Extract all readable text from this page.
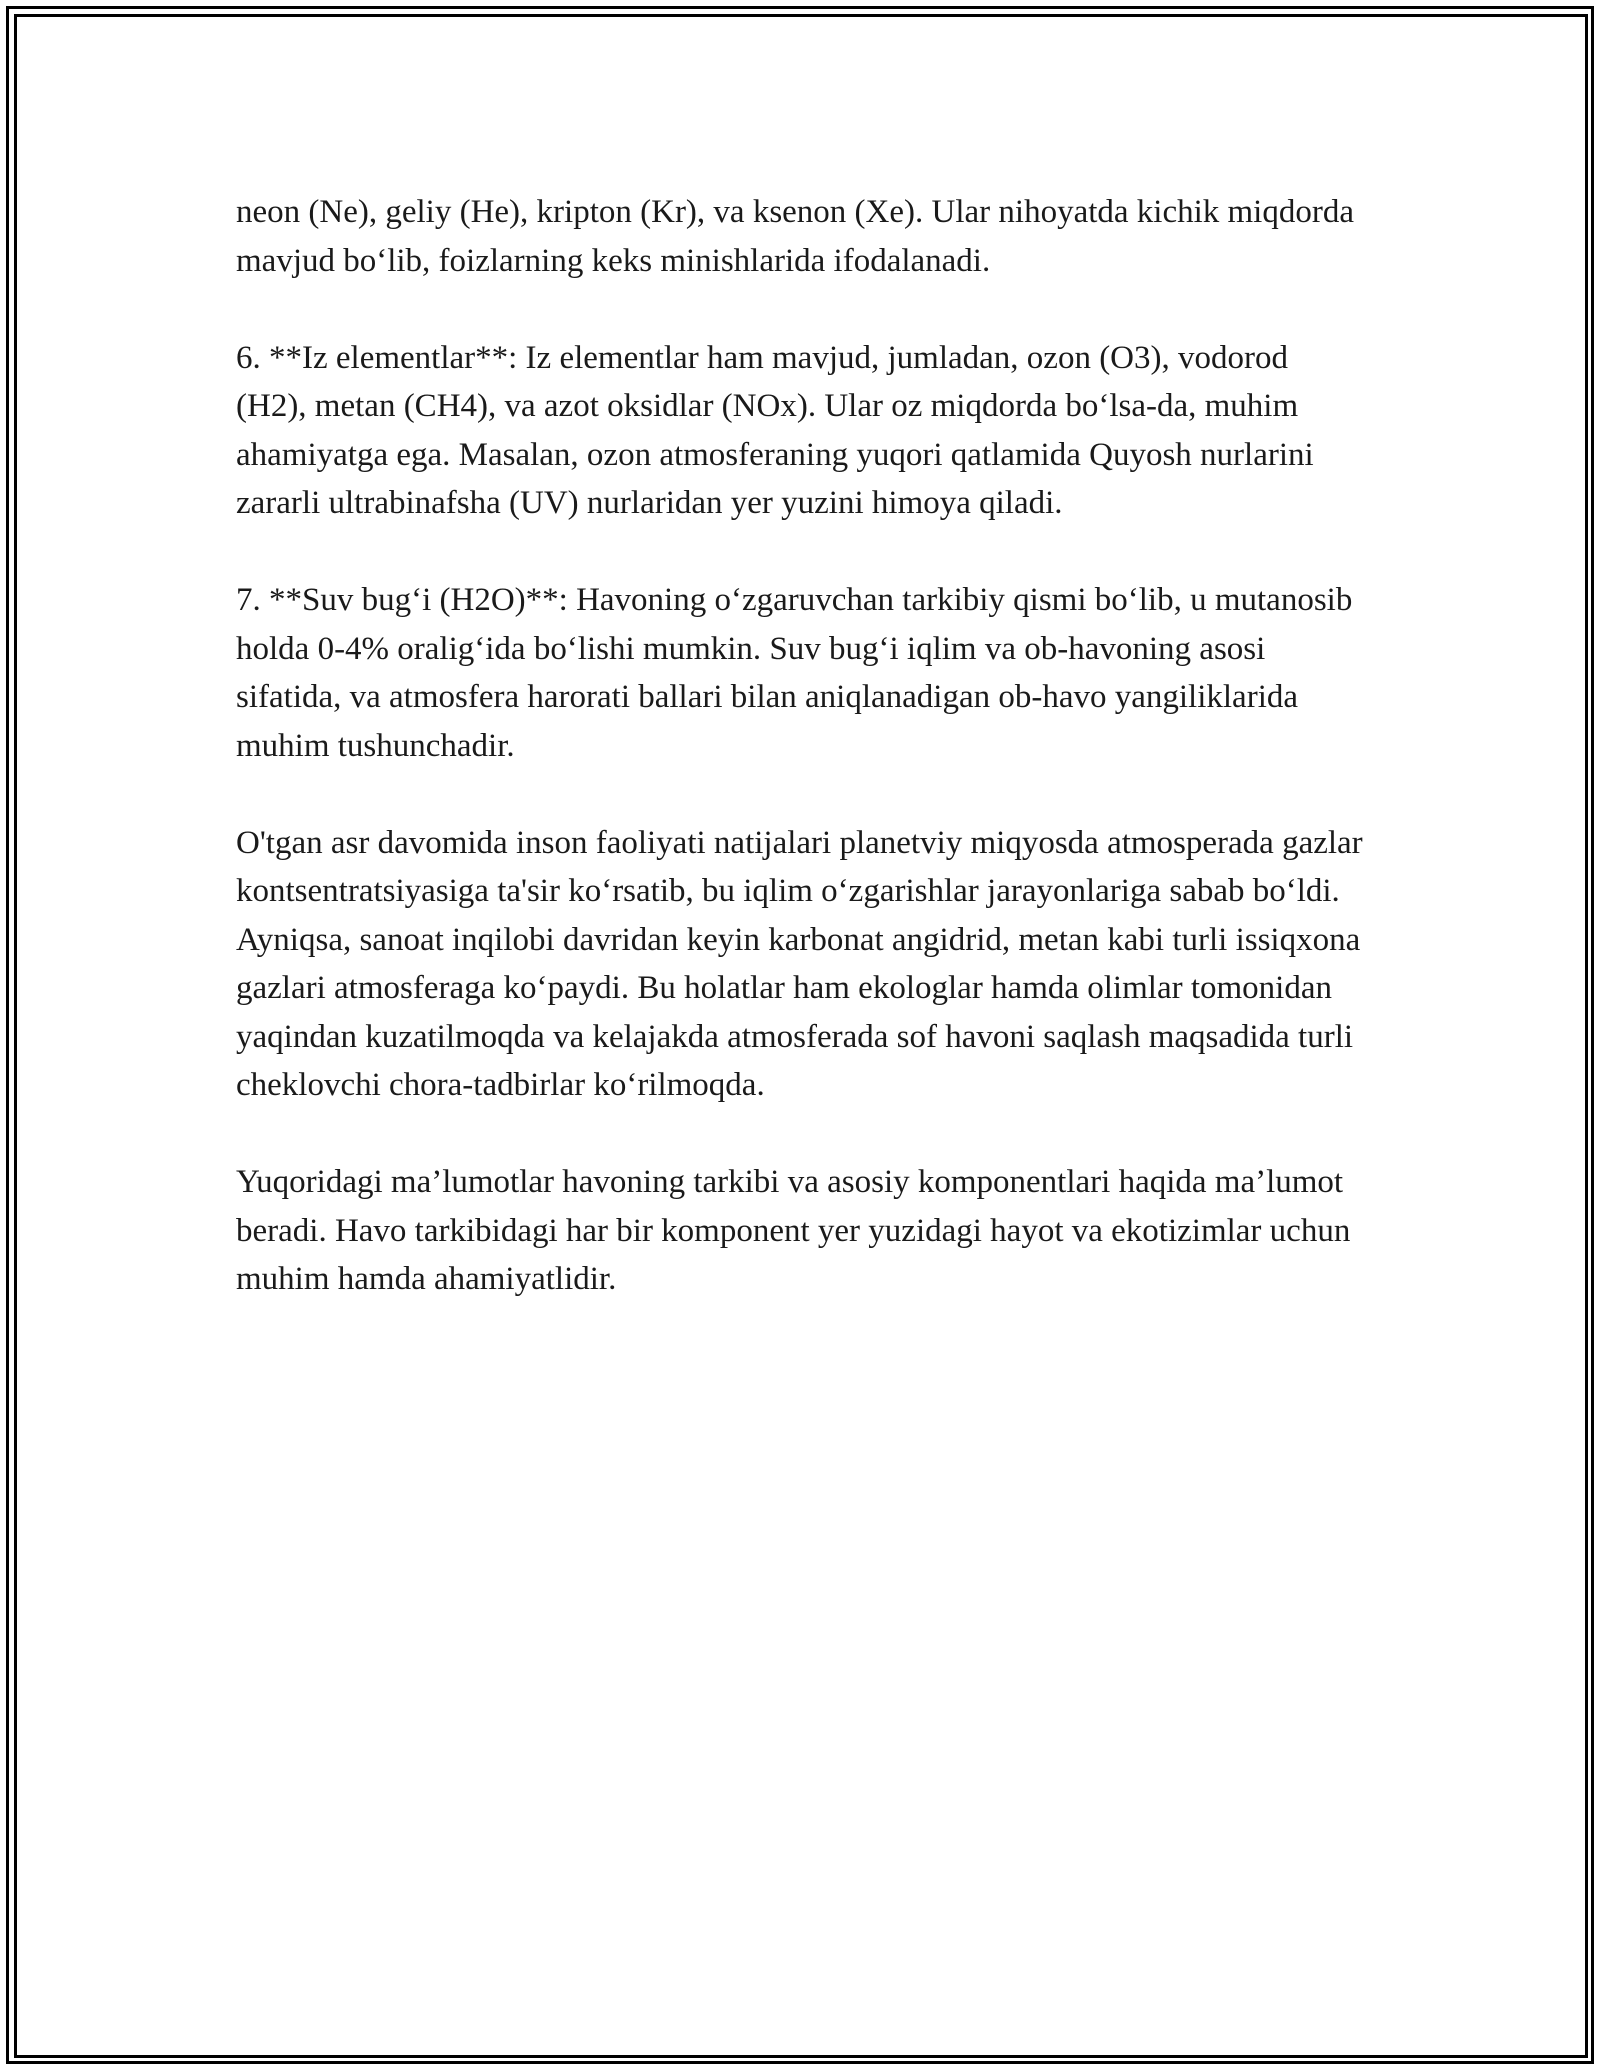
neon (Ne), geliy (He), kripton (Kr), va ksenon (Xe). Ular nihoyatda kichik miqdorda mavjud bo‘lib, foizlarning keks minishlarida ifodalanadi.

6. **Iz elementlar**: Iz elementlar ham mavjud, jumladan, ozon (O3), vodorod (H2), metan (CH4), va azot oksidlar (NOx). Ular oz miqdorda bo‘lsa-da, muhim ahamiyatga ega. Masalan, ozon atmosferaning yuqori qatlamida Quyosh nurlarini zararli ultrabinafsha (UV) nurlaridan yer yuzini himoya qiladi.

7. **Suv bug‘i (H2O)**: Havoning o‘zgaruvchan tarkibiy qismi bo‘lib, u mutanosib holda 0-4% oralig‘ida bo‘lishi mumkin. Suv bug‘i iqlim va ob-havoning asosi sifatida, va atmosfera harorati ballari bilan aniqlanadigan ob-havo yangiliklarida muhim tushunchadir.

O'tgan asr davomida inson faoliyati natijalari planetviy miqyosda atmosperada gazlar kontsentratsiyasiga ta'sir ko‘rsatib, bu iqlim o‘zgarishlar jarayonlariga sabab bo‘ldi. Ayniqsa, sanoat inqilobi davridan keyin karbonat angidrid, metan kabi turli issiqxona gazlari atmosferaga ko‘paydi. Bu holatlar ham ekologlar hamda olimlar tomonidan yaqindan kuzatilmoqda va kelajakda atmosferada sof havoni saqlash maqsadida turli cheklovchi chora-tadbirlar ko‘rilmoqda.

Yuqoridagi ma’lumotlar havoning tarkibi va asosiy komponentlari haqida ma’lumot beradi. Havo tarkibidagi har bir komponent yer yuzidagi hayot va ekotizimlar uchun muhim hamda ahamiyatlidir.
